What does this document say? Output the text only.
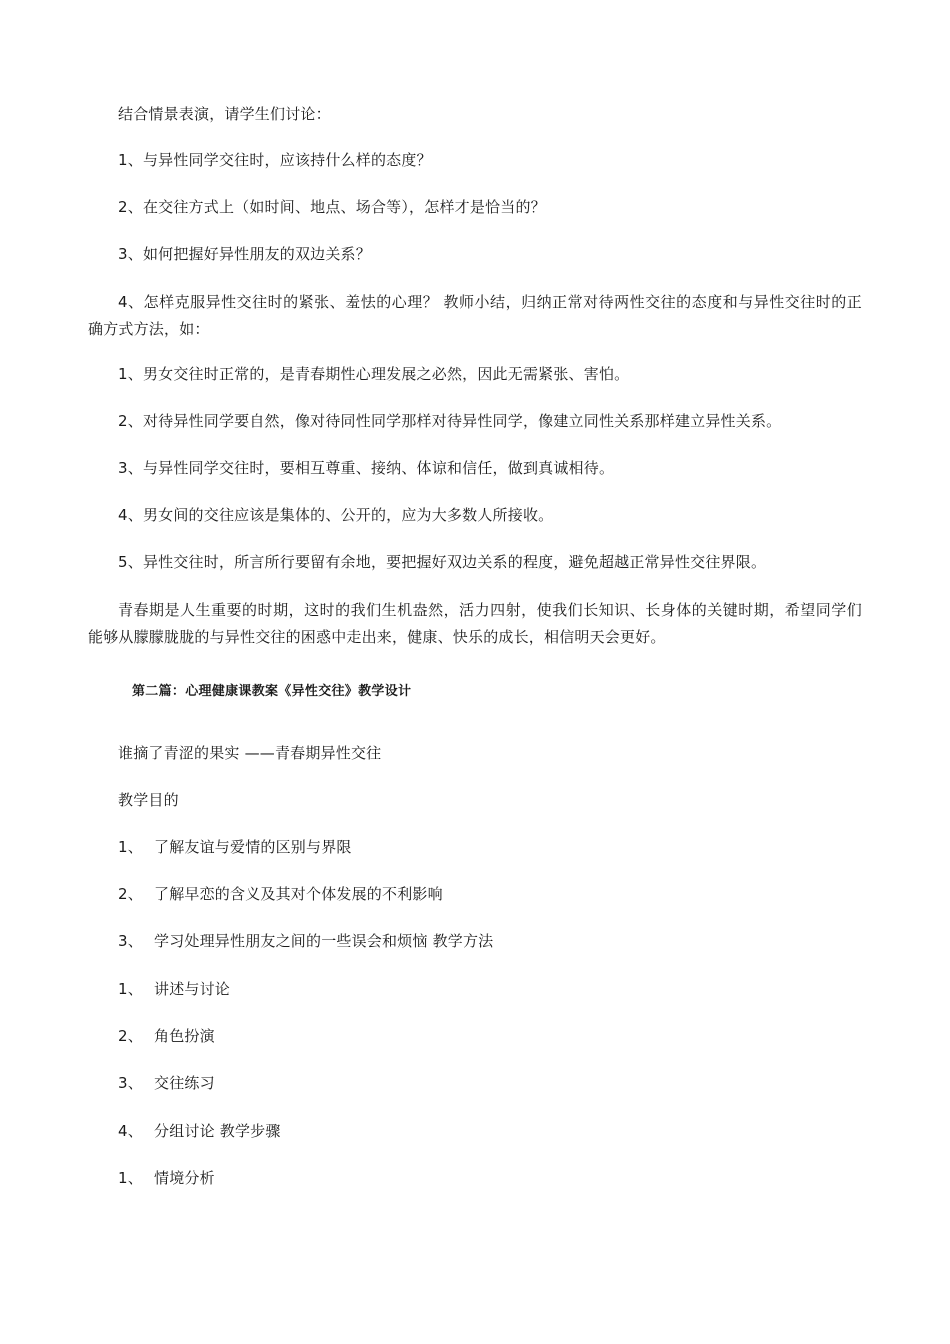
结合情景表演，请学生们讨论：
1、与异性同学交往时，应该持什么样的态度？
2、在交往方式上（如时间、地点、场合等），怎样才是恰当的？
3、如何把握好异性朋友的双边关系？
4、怎样克服异性交往时的紧张、羞怯的心理？ 教师小结，归纳正常对待两性交往的态度和与异性交往时的正确方式方法，如：
1、男女交往时正常的，是青春期性心理发展之必然，因此无需紧张、害怕。
2、对待异性同学要自然，像对待同性同学那样对待异性同学，像建立同性关系那样建立异性关系。
3、与异性同学交往时，要相互尊重、接纳、体谅和信任，做到真诚相待。
4、男女间的交往应该是集体的、公开的，应为大多数人所接收。
5、异性交往时，所言所行要留有余地，要把握好双边关系的程度，避免超越正常异性交往界限。
青春期是人生重要的时期，这时的我们生机盎然，活力四射，使我们长知识、长身体的关键时期，希望同学们能够从朦朦胧胧的与异性交往的困惑中走出来，健康、快乐的成长，相信明天会更好。
第二篇：心理健康课教案《异性交往》教学设计
谁摘了青涩的果实 ——青春期异性交往
教学目的
1、 了解友谊与爱情的区别与界限
2、 了解早恋的含义及其对个体发展的不利影响
3、 学习处理异性朋友之间的一些误会和烦恼 教学方法
1、 讲述与讨论
2、 角色扮演
3、 交往练习
4、 分组讨论 教学步骤
1、 情境分析
